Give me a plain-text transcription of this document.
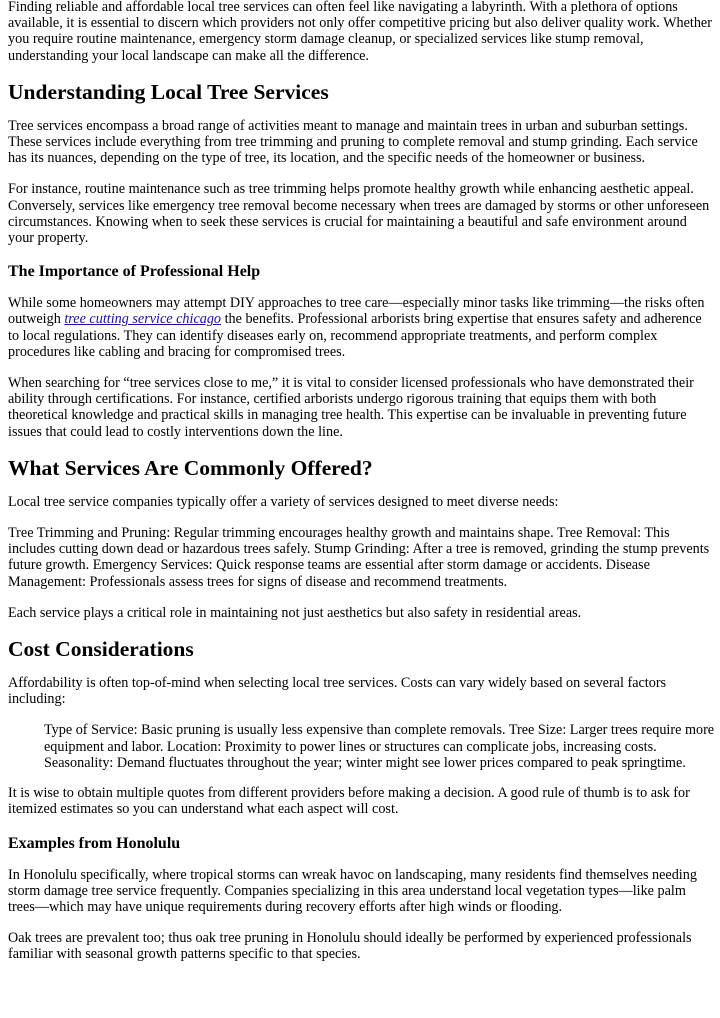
Finding reliable and affordable local tree services can often feel like navigating a labyrinth. With a plethora of options available, it is essential to discern which providers not only offer competitive pricing but also deliver quality work. Whether you require routine maintenance, emergency storm damage cleanup, or specialized services like stump removal, understanding your local landscape can make all the difference.

Understanding Local Tree Services

Tree services encompass a broad range of activities meant to manage and maintain trees in urban and suburban settings. These services include everything from tree trimming and pruning to complete removal and stump grinding. Each service has its nuances, depending on the type of tree, its location, and the specific needs of the homeowner or business.

For instance, routine maintenance such as tree trimming helps promote healthy growth while enhancing aesthetic appeal. Conversely, services like emergency tree removal become necessary when trees are damaged by storms or other unforeseen circumstances. Knowing when to seek these services is crucial for maintaining a beautiful and safe environment around your property.

The Importance of Professional Help

While some homeowners may attempt DIY approaches to tree care—especially minor tasks like trimming—the risks often outweigh tree cutting service chicago the benefits. Professional arborists bring expertise that ensures safety and adherence to local regulations. They can identify diseases early on, recommend appropriate treatments, and perform complex procedures like cabling and bracing for compromised trees.

When searching for “tree services close to me,” it is vital to consider licensed professionals who have demonstrated their ability through certifications. For instance, certified arborists undergo rigorous training that equips them with both theoretical knowledge and practical skills in managing tree health. This expertise can be invaluable in preventing future issues that could lead to costly interventions down the line.

What Services Are Commonly Offered?

Local tree service companies typically offer a variety of services designed to meet diverse needs:

Tree Trimming and Pruning: Regular trimming encourages healthy growth and maintains shape. Tree Removal: This includes cutting down dead or hazardous trees safely. Stump Grinding: After a tree is removed, grinding the stump prevents future growth. Emergency Services: Quick response teams are essential after storm damage or accidents. Disease Management: Professionals assess trees for signs of disease and recommend treatments.

Each service plays a critical role in maintaining not just aesthetics but also safety in residential areas.

Cost Considerations

Affordability is often top-of-mind when selecting local tree services. Costs can vary widely based on several factors including:

Type of Service: Basic pruning is usually less expensive than complete removals. Tree Size: Larger trees require more equipment and labor. Location: Proximity to power lines or structures can complicate jobs, increasing costs. Seasonality: Demand fluctuates throughout the year; winter might see lower prices compared to peak springtime.

It is wise to obtain multiple quotes from different providers before making a decision. A good rule of thumb is to ask for itemized estimates so you can understand what each aspect will cost.

Examples from Honolulu

In Honolulu specifically, where tropical storms can wreak havoc on landscaping, many residents find themselves needing storm damage tree service frequently. Companies specializing in this area understand local vegetation types—like palm trees—which may have unique requirements during recovery efforts after high winds or flooding.

Oak trees are prevalent too; thus oak tree pruning in Honolulu should ideally be performed by experienced professionals familiar with seasonal growth patterns specific to that species.
